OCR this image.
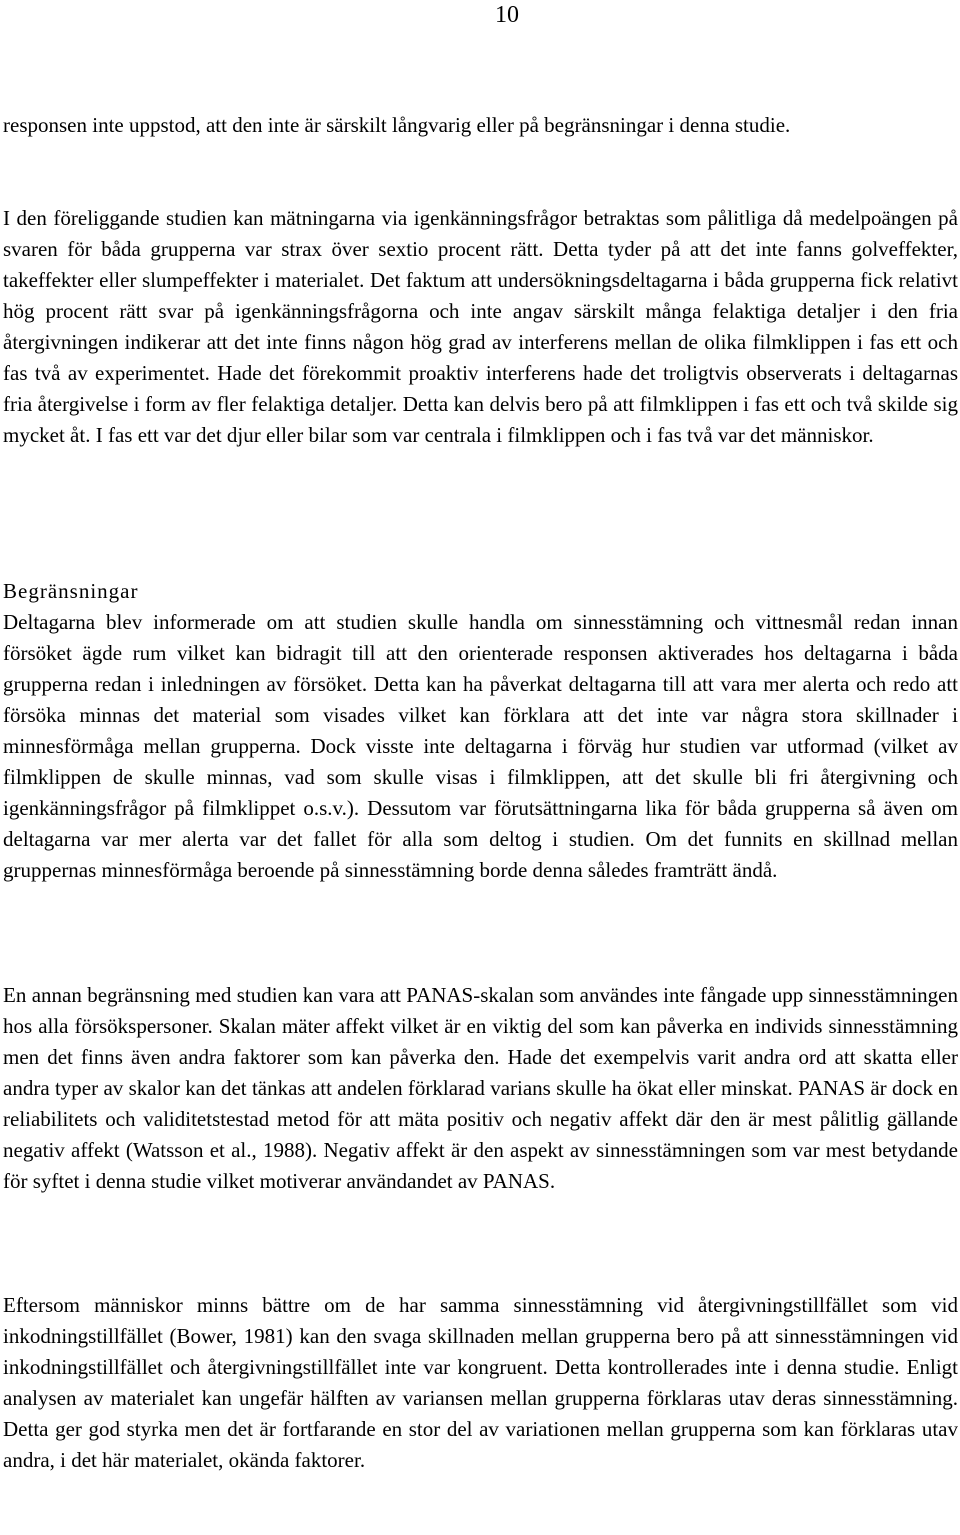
10

responsen inte uppstod, att den inte är särskilt långvarig eller på begränsningar i denna studie.

I den föreliggande studien kan mätningarna via igenkänningsfrågor betraktas som pålitliga då medelpoängen på svaren för båda grupperna var strax över sextio procent rätt. Detta tyder på att det inte fanns golveffekter, takeffekter eller slumpeffekter i materialet. Det faktum att undersökningsdeltagarna i båda grupperna fick relativt hög procent rätt svar på igenkänningsfrågorna och inte angav särskilt många felaktiga detaljer i den fria återgivningen indikerar att det inte finns någon hög grad av interferens mellan de olika filmklippen i fas ett och fas två av experimentet. Hade det förekommit proaktiv interferens hade det troligtvis observerats i deltagarnas fria återgivelse i form av fler felaktiga detaljer. Detta kan delvis bero på att filmklippen i fas ett och två skilde sig mycket åt. I fas ett var det djur eller bilar som var centrala i filmklippen och i fas två var det människor.

Begränsningar

Deltagarna blev informerade om att studien skulle handla om sinnesstämning och vittnesmål redan innan försöket ägde rum vilket kan bidragit till att den orienterade responsen aktiverades hos deltagarna i båda grupperna redan i inledningen av försöket. Detta kan ha påverkat deltagarna till att vara mer alerta och redo att försöka minnas det material som visades vilket kan förklara att det inte var några stora skillnader i minnesförmåga mellan grupperna. Dock visste inte deltagarna i förväg hur studien var utformad (vilket av filmklippen de skulle minnas, vad som skulle visas i filmklippen, att det skulle bli fri återgivning och igenkänningsfrågor på filmklippet o.s.v.). Dessutom var förutsättningarna lika för båda grupperna så även om deltagarna var mer alerta var det fallet för alla som deltog i studien. Om det funnits en skillnad mellan gruppernas minnesförmåga beroende på sinnesstämning borde denna således framträtt ändå.

En annan begränsning med studien kan vara att PANAS-skalan som användes inte fångade upp sinnesstämningen hos alla försökspersoner. Skalan mäter affekt vilket är en viktig del som kan påverka en individs sinnesstämning men det finns även andra faktorer som kan påverka den. Hade det exempelvis varit andra ord att skatta eller andra typer av skalor kan det tänkas att andelen förklarad varians skulle ha ökat eller minskat. PANAS är dock en reliabilitets och validitetstestad metod för att mäta positiv och negativ affekt där den är mest pålitlig gällande negativ affekt (Watsson et al., 1988). Negativ affekt är den aspekt av sinnesstämningen som var mest betydande för syftet i denna studie vilket motiverar användandet av PANAS.

Eftersom människor minns bättre om de har samma sinnesstämning vid återgivningstillfället som vid inkodningstillfället (Bower, 1981) kan den svaga skillnaden mellan grupperna bero på att sinnesstämningen vid inkodningstillfället och återgivningstillfället inte var kongruent. Detta kontrollerades inte i denna studie. Enligt analysen av materialet kan ungefär hälften av variansen mellan grupperna förklaras utav deras sinnesstämning. Detta ger god styrka men det är fortfarande en stor del av variationen mellan grupperna som kan förklaras utav andra, i det här materialet, okända faktorer.
